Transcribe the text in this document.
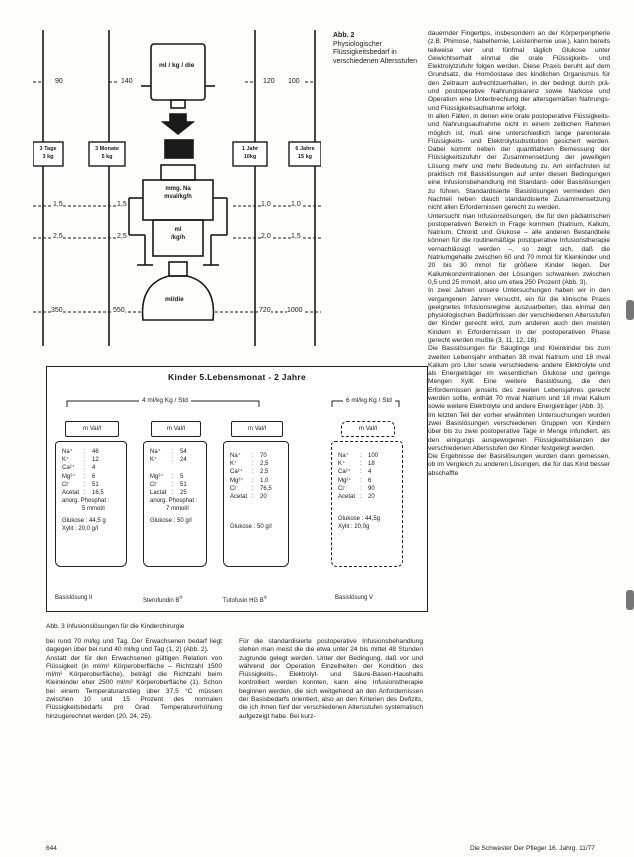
ml / kg / die
90	140	120 100
3 Tage
3 kg
3 Monate
5 kg
1 Jahr
10kg
6 Jahre
15 kg
1,5	1,5	1,0	1,0
2,5	2,5	2,0	1,5
mmg. Na
mval/kg/h
ml
/kg/h
ml/die
350	550	720 1000
Abb. 2
Physiologischer Flüssigkeitsbedarf in verschiedenen Altersstufen
Kinder 5.Lebensmonat - 2 Jahre
4 ml/kg Kg / Std	6 ml/kg Kg / Std
m Val/l
Na⁺	:	46
K⁺	:	12
Ca²⁺	:	4
Mg²⁺	:	6
Cl⁻	:	51
Acetat :	16,5
anorg. Phosphat :
5 mmol/l
Glukose : 44,5 g
Xylit : 20,0 g/l
Basislösung II
m Val/l
Na⁺	:	54
K⁺	:	24
Mg²⁺	:	5
Cl⁻	:	51
Lactat :	25
anorg. Phosphat :
7 mmol/l
Glukose : 50 g/l
Sterofundin B®
m Val/l
Na⁺	:	70
K⁺	:	2,5
Ca²⁺	:	2,5
Mg²⁺	:	1,0
Cl⁻	:	76,5
Acetat :	20
Glukose : 50 g/l
Tutofusin HG B®
m Val/l
Na⁺	:	100
K⁺	:	18
Ca²⁺	:	4
Mg²⁺	:	6
Cl⁻	:	90
Acetat :	20
Glukose : 44,5g
Xylit : 20,0g
Basislösung V
Abb. 3 Infusionslösungen für die Kinderchirurgie

dauernder Fingertips, insbesondern an der Körperperipherie (z.B. Phimose, Nabelhernie, Leistenhernie usw.), kann bereits teilweise vier und fünfmal täglich Glukose unter Gewichtserhalt einmal die orale Flüssigkeits- und Elektrolytzufuhr folgen werden. Diese Praxis beruht auf dem Grundsatz, die Homöostase des kindlichen Organismus für den Zeitraum aufrechtzuerhalten, in der bedingt durch prä- und postoperative Nahrungskarenz sowie Narkose und Operation eine Unterbrechung der altersgemäßen Nahrungs- und Flüssigkeitsaufnahme erfolgt.

In allen Fällen, in denen eine orale postoperative Flüssigkeits- und Nahrungsaufnahme nicht in einem zeitlichen Rahmen möglich ist, muß eine unterschiedlich lange parenterale Flüssigkeits- und Elektrolytsubstitution gesichert werden. Dabei kommt neben der quantitativen Bemessung der Flüssigkeitszufuhr der Zusammensetzung der jeweiligen Lösung mehr und mehr Bedeutung zu. Am einfachsten ist praktisch mit Basislösungen auf unter diesen Bedingungen eine Infusionsbehandlung mit Standard- oder Basislösungen zu führen. Standardisierte Basislösungen vermeiden den Nachteil neben dauch standardisierte Zusammensetzung nicht allen Erfordernissen gerecht zu werden.

Untersucht man Infusionslösungen, die für den pädiatrischen postoperativen Bereich in Frage kommen (Natrium, Kalium, Natrium, Chlorid und Glukose – alle anderen Bestandteile können für die routinemäßige postoperative Infusionstherapie vernachlässigt werden –, so zeigt sich, daß die Natriumgehalte zwischen 60 und 70 mmol für Kleinkinder und 20 bis 30 mmol für größere Kinder liegen. Der Kaliumkonzentrationen der Lösungen schwanken zwischen 0,5 und 25 mmol/l, also um etwa 250 Prozent (Abb. 3).

In zwei Jahren unsere Untersuchungen haben wir in den vergangenen Jahren versucht, ein für die klinische Praxis geeignetes Infusionsregime auszuarbeiten, das einmal den physiologischen Bedürfnissen der verschiedenen Altersstufen der Kinder gerecht wird, zum anderen auch den meisten Kindern in Erfordernissen in der postoperativen Phase gerecht werden mußte (3, 11, 12, 18).

Die Basislösungen für Säuglinge und Kleinkinder bis zum zweiten Lebensjahr enthalten 38 mval Natrium und 18 mval Kalium pro Liter sowie verschiedene andere Elektrolyte und als Energieträger im wesentlichen Glukose und geringe Mengen Xylit. Eine weitere Basislösung, die den Erfordernissen jenseits des zweiten Lebensjahres gerecht werden sollte, enthält 70 mval Natrium und 18 mval Kalium sowie weitere Elektrolyte und andere Energieträger (Abb. 3).

Im letzten Teil der vorher erwähnten Untersuchungen wurden zwei Basislösungen verschiedenen Gruppen von Kindern über bis zu zwei postoperative Tage in Menge infundiert, als den einigungs ausgewogenen Flüssigkeitsbilanzen der verschiedenen Altersstufen der Kinder festgelegt werden.

Die Ergebnisse der Basislösungen wurden dann gemessen, ob im Vergleich zu anderen Lösungen, die für das Kind besser abschaffte

bei rund 70 ml/kg und Tag. Der Erwachsenen bedarf liegt dagegen über bei rund 40 ml/kg und Tag (1, 2) (Abb. 2).

Anstatt der für den Erwachsenen gültigen Relation von Flüssigkeit (in ml/m² Körperoberfläche – Richtzahl 1500 ml/m² Körperoberfläche), beträgt die Richtzahl beim Kleinkinder eher 2500 ml/m² Körperoberfläche (1). Schon bei einem Temperaturanstieg über 37,5 °C müssen zwischen 10 und 15 Prozent des normalen Flüssigkeitsbedarfs pro Grad Temperaturerhöhung hinzugerechnet werden (20, 24, 25).

Für die standardisierte postoperative Infusionsbehandlung stehen man meist die die etwa unter 24 bis mittel 48 Stunden zugrunde gelegt werden. Unter der Bedingung, daß vor und während der Operation Einzelheiten der Kondition des Flüssigkeits-, Elektrolyt- und Säure-Basen-Haushalts kontrolliert werden konnten, kann eine Infusionstherapie beginnen werden, die sich weitgehend an den Anfordernissen der Basisbedarfs orientiert, also an den Kriterien des Defizits, die ich ihnen fünf der verschiedenen Altersstufen systematisch aufgezeigt habe. Bei kurz-

644	Die Schwester Der Pfleger 16. Jahrg. 11/77
